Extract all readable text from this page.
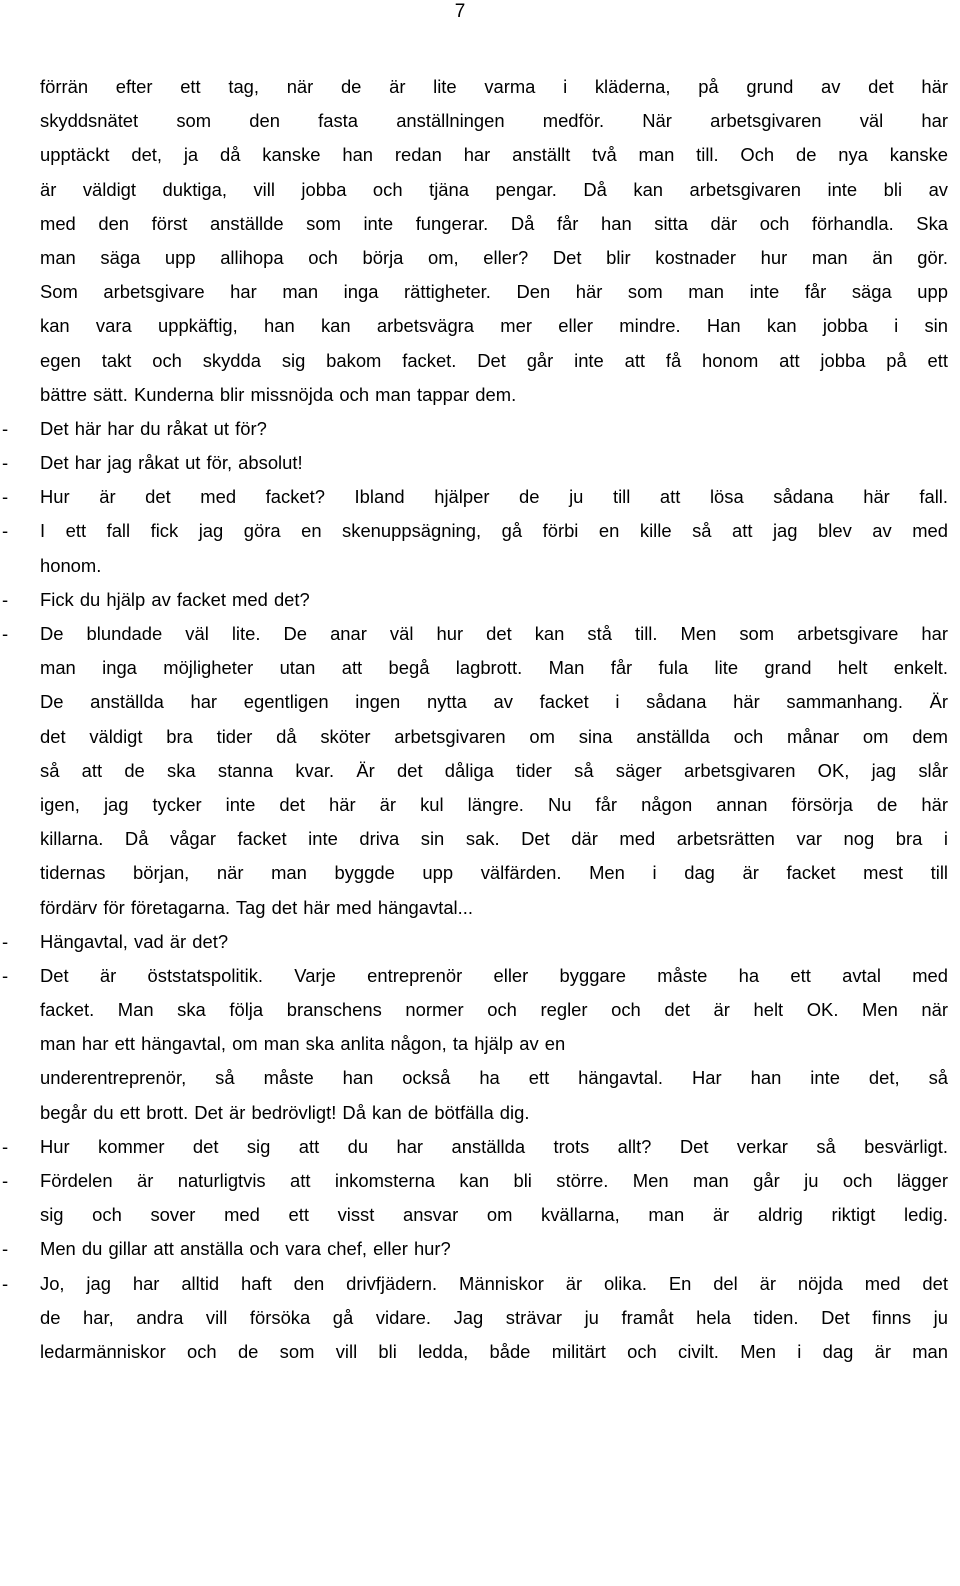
7
förrän efter ett tag, när de är lite varma i kläderna, på grund av det här
skyddsnätet som den fasta anställningen medför. När arbetsgivaren väl har
upptäckt det, ja då kanske han redan har anställt två man till. Och de nya kanske
är väldigt duktiga, vill jobba och tjäna pengar. Då kan arbetsgivaren inte bli av
med den först anställde som inte fungerar. Då får han sitta där och förhandla. Ska
man säga upp allihopa och börja om, eller? Det blir kostnader hur man än gör.
Som arbetsgivare har man inga rättigheter. Den här som man inte får säga upp
kan vara uppkäftig, han kan arbetsvägra mer eller mindre. Han kan jobba i sin
egen takt och skydda sig bakom facket. Det går inte att få honom att jobba på ett
bättre sätt. Kunderna blir missnöjda och man tappar dem.
- Det här har du råkat ut för?
- Det har jag råkat ut för, absolut!
- Hur är det med facket? Ibland hjälper de ju till att lösa sådana här fall.
- I ett fall fick jag göra en skenuppsägning, gå förbi en kille så att jag blev av med
honom.
- Fick du hjälp av facket med det?
- De blundade väl lite. De anar väl hur det kan stå till. Men som arbetsgivare har
man inga möjligheter utan att begå lagbrott. Man får fula lite grand helt enkelt.
De anställda har egentligen ingen nytta av facket i sådana här sammanhang. Är
det väldigt bra tider då sköter arbetsgivaren om sina anställda och månar om dem
så att de ska stanna kvar. Är det dåliga tider så säger arbetsgivaren OK, jag slår
igen, jag tycker inte det här är kul längre. Nu får någon annan försörja de här
killarna. Då vågar facket inte driva sin sak. Det där med arbetsrätten var nog bra i
tidernas början, när man byggde upp välfärden. Men i dag är facket mest till
fördärv för företagarna. Tag det här med hängavtal...
- Hängavtal, vad är det?
- Det är öststatspolitik. Varje entreprenör eller byggare måste ha ett avtal med
facket. Man ska följa branschens normer och regler och det är helt OK. Men när
man har ett hängavtal, om man ska anlita någon, ta hjälp av en
underentreprenör, så måste han också ha ett hängavtal. Har han inte det, så
begår du ett brott. Det är bedrövligt! Då kan de bötfälla dig.
- Hur kommer det sig att du har anställda trots allt? Det verkar så besvärligt.
- Fördelen är naturligtvis att inkomsterna kan bli större. Men man går ju och lägger
sig och sover med ett visst ansvar om kvällarna, man är aldrig riktigt ledig.
- Men du gillar att anställa och vara chef, eller hur?
- Jo, jag har alltid haft den drivfjädern. Människor är olika. En del är nöjda med det
de har, andra vill försöka gå vidare. Jag strävar ju framåt hela tiden. Det finns ju
ledarmänniskor och de som vill bli ledda, både militärt och civilt. Men i dag är man
